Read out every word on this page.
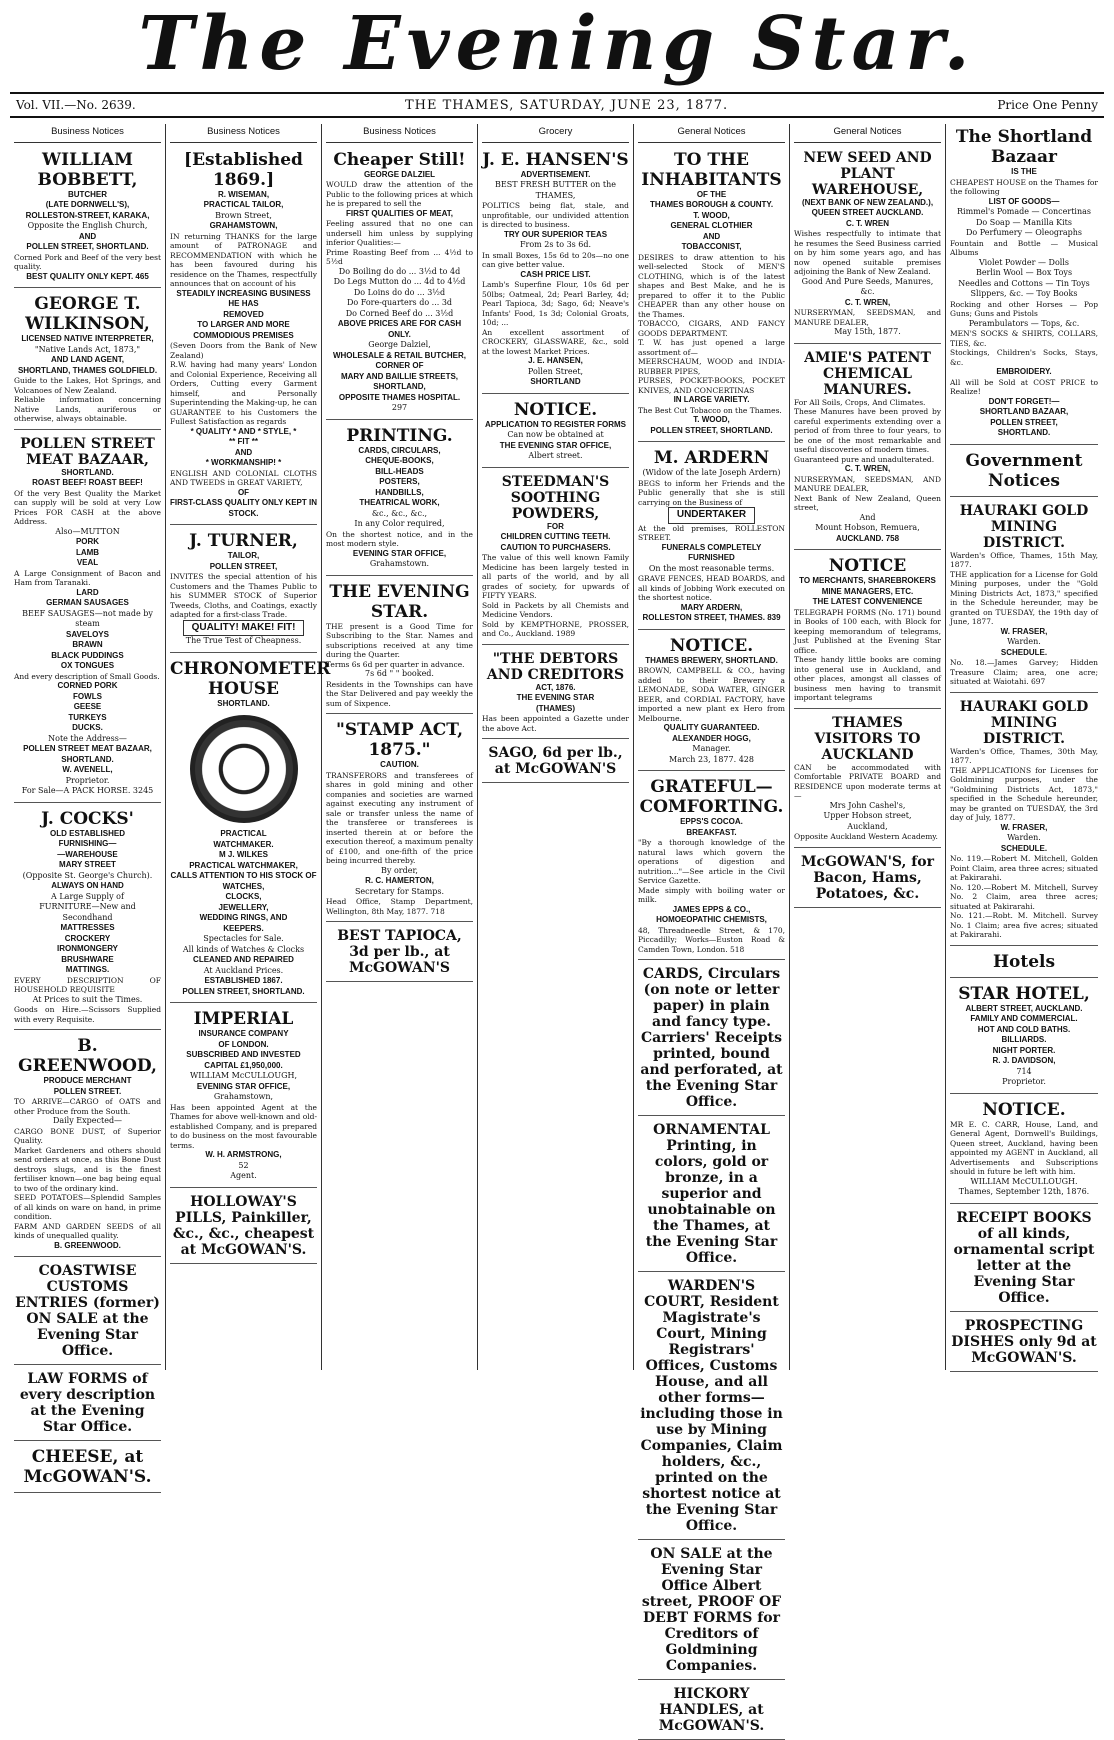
The Evening Star.
Vol. VII.—No. 2639.	THE THAMES, SATURDAY, JUNE 23, 1877.	Price One Penny
Business Notices
WILLIAM BOBBETT,
BUTCHER
(LATE DORNWELL'S),
ROLLESTON-STREET, KARAKA,
Opposite the English Church,
AND
POLLEN STREET, SHORTLAND.
Corned Pork and Beef of the very best quality.
BEST QUALITY ONLY KEPT. 465
GEORGE T. WILKINSON,
LICENSED NATIVE INTERPRETER,
"Native Lands Act, 1873,"
AND LAND AGENT,
SHORTLAND, THAMES GOLDFIELD.
Guide to the Lakes, Hot Springs, and Volcanoes of New Zealand.
Reliable information concerning Native Lands, auriferous or otherwise, always obtainable.
POLLEN STREET MEAT BAZAAR,
SHORTLAND.
ROAST BEEF! ROAST BEEF!
Of the very Best Quality the Market can supply will be sold at very Low Prices FOR CASH at the above Address.
Also—MUTTON
PORK
LAMB
VEAL
A Large Consignment of Bacon and Ham from Taranaki.
LARD
GERMAN SAUSAGES
BEEF SAUSAGES—not made by steam
SAVELOYS
BRAWN
BLACK PUDDINGS
OX TONGUES
And every description of Small Goods.
CORNED PORK
FOWLS
GEESE
TURKEYS
DUCKS.
Note the Address—
POLLEN STREET MEAT BAZAAR,
SHORTLAND.
W. AVENELL,
Proprietor.
For Sale—A PACK HORSE. 3245
J. COCKS'
OLD ESTABLISHED
FURNISHING—
—WAREHOUSE
MARY STREET
(Opposite St. George's Church).
ALWAYS ON HAND
A Large Supply of
FURNITURE—New and Secondhand
MATTRESSES
CROCKERY
IRONMONGERY
BRUSHWARE
MATTINGS.
EVERY DESCRIPTION OF HOUSEHOLD REQUISITE
At Prices to suit the Times.
Goods on Hire.—Scissors Supplied with every Requisite.
B. GREENWOOD,
PRODUCE MERCHANT
POLLEN STREET.
TO ARRIVE—CARGO of OATS and other Produce from the South.
Daily Expected—
CARGO BONE DUST, of Superior Quality.
Market Gardeners and others should send orders at once, as this Bone Dust destroys slugs, and is the finest fertiliser known—one bag being equal to two of the ordinary kind.
SEED POTATOES—Splendid Samples of all kinds on ware on hand, in prime condition.
FARM AND GARDEN SEEDS of all kinds of unequalled quality.
B. GREENWOOD.
COASTWISE CUSTOMS ENTRIES (former) ON SALE at the Evening Star Office.
LAW FORMS of every description at the Evening Star Office.
CHEESE, at McGOWAN'S.
Business Notices
[Established 1869.]
R. WISEMAN,
PRACTICAL TAILOR,
Brown Street,
GRAHAMSTOWN,
IN returning THANKS for the large amount of PATRONAGE and RECOMMENDATION with which he has been favoured during his residence on the Thames, respectfully announces that on account of his
STEADILY INCREASING BUSINESS
HE HAS
REMOVED
TO LARGER AND MORE COMMODIOUS PREMISES
(Seven Doors from the Bank of New Zealand)
R.W. having had many years' London and Colonial Experience, Receiving all Orders, Cutting every Garment himself, and Personally Superintending the Making-up, he can GUARANTEE to his Customers the Fullest Satisfaction as regards
* QUALITY * AND * STYLE, *
** FIT **
AND
* WORKMANSHIP! *
ENGLISH AND COLONIAL CLOTHS AND TWEEDS in GREAT VARIETY,
OF
FIRST-CLASS QUALITY ONLY KEPT IN STOCK.
J. TURNER,
TAILOR,
POLLEN STREET,
INVITES the special attention of his Customers and the Thames Public to his SUMMER STOCK of Superior Tweeds, Cloths, and Coatings, exactly adapted for a first-class Trade.
QUALITY! MAKE! FIT!
The True Test of Cheapness.
CHRONOMETER HOUSE
SHORTLAND.
PRACTICAL
WATCHMAKER.
M J. WILKES
PRACTICAL WATCHMAKER,
CALLS ATTENTION TO HIS STOCK OF
WATCHES,
CLOCKS,
JEWELLERY,
WEDDING RINGS, AND
KEEPERS.
Spectacles for Sale.
All kinds of Watches & Clocks
CLEANED AND REPAIRED
At Auckland Prices.
ESTABLISHED 1867.
POLLEN STREET, SHORTLAND.
IMPERIAL
INSURANCE COMPANY
OF LONDON.
SUBSCRIBED AND INVESTED
CAPITAL £1,950,000.
WILLIAM McCULLOUGH,
EVENING STAR OFFICE,
Grahamstown,
Has been appointed Agent at the Thames for above well-known and old-established Company, and is prepared to do business on the most favourable terms.
W. H. ARMSTRONG,
52
Agent.
HOLLOWAY'S PILLS, Painkiller, &c., &c., cheapest at McGOWAN'S.
Business Notices
Cheaper Still!
GEORGE DALZIEL
WOULD draw the attention of the Public to the following prices at which he is prepared to sell the
FIRST QUALITIES OF MEAT,
Feeling assured that no one can undersell him unless by supplying inferior Qualities:—
Prime Roasting Beef from ... 4½d to 5½d
Do Boiling do do ... 3½d to 4d
Do Legs Mutton do ... 4d to 4½d
Do Loins do do ... 3½d
Do Fore-quarters do ... 3d
Do Corned Beef do ... 3½d
ABOVE PRICES ARE FOR CASH ONLY.
George Dalziel,
WHOLESALE & RETAIL BUTCHER,
CORNER OF
MARY AND BAILLIE STREETS,
SHORTLAND,
OPPOSITE THAMES HOSPITAL.
297
PRINTING.
CARDS, CIRCULARS,
CHEQUE-BOOKS,
BILL-HEADS
POSTERS,
HANDBILLS,
THEATRICAL WORK,
&c., &c., &c.,
In any Color required,
On the shortest notice, and in the most modern style.
EVENING STAR OFFICE,
Grahamstown.
THE EVENING STAR.
THE present is a Good Time for Subscribing to the Star. Names and subscriptions received at any time during the Quarter.
Terms 6s 6d per quarter in advance.
7s 6d " " booked.
Residents in the Townships can have the Star Delivered and pay weekly the sum of Sixpence.
"STAMP ACT, 1875."
CAUTION.
TRANSFERORS and transferees of shares in gold mining and other companies and societies are warned against executing any instrument of sale or transfer unless the name of the transferee or transferees is inserted therein at or before the execution thereof, a maximum penalty of £100, and one-fifth of the price being incurred thereby.
By order,
R. C. HAMERTON,
Secretary for Stamps.
Head Office, Stamp Department, Wellington, 8th May, 1877. 718
BEST TAPIOCA, 3d per lb., at McGOWAN'S
Grocery
J. E. HANSEN'S
ADVERTISEMENT.
BEST FRESH BUTTER on the THAMES,
POLITICS being flat, stale, and unprofitable, our undivided attention is directed to business.
TRY OUR SUPERIOR TEAS
From 2s to 3s 6d.
In small Boxes, 15s 6d to 20s—no one can give better value.
CASH PRICE LIST.
Lamb's Superfine Flour, 10s 6d per 50lbs; Oatmeal, 2d; Pearl Barley, 4d; Pearl Tapioca, 3d; Sago, 6d; Neave's Infants' Food, 1s 3d; Colonial Groats, 10d; ...
An excellent assortment of CROCKERY, GLASSWARE, &c., sold at the lowest Market Prices.
J. E. HANSEN,
Pollen Street,
SHORTLAND
NOTICE.
APPLICATION TO REGISTER FORMS
Can now be obtained at
THE EVENING STAR OFFICE,
Albert street.
STEEDMAN'S SOOTHING POWDERS,
FOR
CHILDREN CUTTING TEETH.
CAUTION TO PURCHASERS.
The value of this well known Family Medicine has been largely tested in all parts of the world, and by all grades of society, for upwards of FIFTY YEARS.
Sold in Packets by all Chemists and Medicine Vendors.
Sold by KEMPTHORNE, PROSSER, and Co., Auckland. 1989
"THE DEBTORS AND CREDITORS
ACT, 1876.
THE EVENING STAR
(THAMES)
Has been appointed a Gazette under the above Act.
SAGO, 6d per lb., at McGOWAN'S
General Notices
TO THE INHABITANTS
OF THE
THAMES BOROUGH & COUNTY.
T. WOOD,
GENERAL CLOTHIER
AND
TOBACCONIST,
DESIRES to draw attention to his well-selected Stock of MEN'S CLOTHING, which is of the latest shapes and Best Make, and he is prepared to offer it to the Public CHEAPER than any other house on the Thames.
TOBACCO, CIGARS, AND FANCY GOODS DEPARTMENT.
T. W. has just opened a large assortment of—
MEERSCHAUM, WOOD and INDIA-RUBBER PIPES,
PURSES, POCKET-BOOKS, POCKET KNIVES, AND CONCERTINAS
IN LARGE VARIETY.
The Best Cut Tobacco on the Thames.
T. WOOD,
POLLEN STREET, SHORTLAND.
M. ARDERN
(Widow of the late Joseph Ardern)
BEGS to inform her Friends and the Public generally that she is still carrying on the Business of
UNDERTAKER
At the old premises, ROLLESTON STREET.
FUNERALS COMPLETELY FURNISHED
On the most reasonable terms.
GRAVE FENCES, HEAD BOARDS, and all kinds of Jobbing Work executed on the shortest notice.
MARY ARDERN,
ROLLESTON STREET, THAMES. 839
NOTICE.
THAMES BREWERY, SHORTLAND.
BROWN, CAMPBELL & CO., having added to their Brewery a LEMONADE, SODA WATER, GINGER BEER, and CORDIAL FACTORY, have imported a new plant ex Hero from Melbourne.
QUALITY GUARANTEED.
ALEXANDER HOGG,
Manager.
March 23, 1877. 428
GRATEFUL—COMFORTING.
EPPS'S COCOA.
BREAKFAST.
"By a thorough knowledge of the natural laws which govern the operations of digestion and nutrition..."—See article in the Civil Service Gazette.
Made simply with boiling water or milk.
JAMES EPPS & CO.,
HOMOEOPATHIC CHEMISTS,
48, Threadneedle Street, & 170, Piccadilly; Works—Euston Road & Camden Town, London. 518
CARDS, Circulars (on note or letter paper) in plain and fancy type. Carriers' Receipts printed, bound and perforated, at the Evening Star Office.
ORNAMENTAL Printing, in colors, gold or bronze, in a superior and unobtainable on the Thames, at the Evening Star Office.
WARDEN'S COURT, Resident Magistrate's Court, Mining Registrars' Offices, Customs House, and all other forms—including those in use by Mining Companies, Claim holders, &c., printed on the shortest notice at the Evening Star Office.
ON SALE at the Evening Star Office Albert street, PROOF OF DEBT FORMS for Creditors of Goldmining Companies.
HICKORY HANDLES, at McGOWAN'S.
General Notices
NEW SEED AND PLANT WAREHOUSE,
(NEXT BANK OF NEW ZEALAND.),
QUEEN STREET AUCKLAND.
C. T. WREN
Wishes respectfully to intimate that he resumes the Seed Business carried on by him some years ago, and has now opened suitable premises adjoining the Bank of New Zealand.
Good And Pure Seeds, Manures, &c.
C. T. WREN,
NURSERYMAN, SEEDSMAN, and MANURE DEALER,
May 15th, 1877.
AMIE'S PATENT CHEMICAL MANURES.
For All Soils, Crops, And Climates.
These Manures have been proved by careful experiments extending over a period of from three to four years, to be one of the most remarkable and useful discoveries of modern times.
Guaranteed pure and unadulterated.
C. T. WREN,
NURSERYMAN, SEEDSMAN, AND MANURE DEALER,
Next Bank of New Zealand, Queen street,
And
Mount Hobson, Remuera,
AUCKLAND. 758
NOTICE
TO MERCHANTS, SHAREBROKERS
MINE MANAGERS, ETC.
THE LATEST CONVENIENCE
TELEGRAPH FORMS (No. 171) bound in Books of 100 each, with Block for keeping memorandum of telegrams, Just Published at the Evening Star office.
These handy little books are coming into general use in Auckland, and other places, amongst all classes of business men having to transmit important telegrams
THAMES VISITORS TO AUCKLAND
CAN be accommodated with Comfortable PRIVATE BOARD and RESIDENCE upon moderate terms at—
Mrs John Cashel's,
Upper Hobson street,
Auckland,
Opposite Auckland Western Academy.
McGOWAN'S, for Bacon, Hams, Potatoes, &c.
The Shortland Bazaar
IS THE
CHEAPEST HOUSE on the Thames for the following
LIST OF GOODS—
Rimmel's Pomade — Concertinas
Do Soap — Manilla Kits
Do Perfumery — Oleographs
Fountain and Bottle — Musical Albums
Violet Powder — Dolls
Berlin Wool — Box Toys
Needles and Cottons — Tin Toys
Slippers, &c. — Toy Books
Rocking and other Horses — Pop Guns; Guns and Pistols
Perambulators — Tops, &c.
MEN'S SOCKS & SHIRTS, COLLARS, TIES, &c.
Stockings, Children's Socks, Stays, &c.
EMBROIDERY.
All will be Sold at COST PRICE to Realize!
DON'T FORGET!—
SHORTLAND BAZAAR,
POLLEN STREET,
SHORTLAND.
Government Notices
HAURAKI GOLD MINING DISTRICT.
Warden's Office, Thames, 15th May, 1877.
THE application for a License for Gold Mining purposes, under the "Gold Mining Districts Act, 1873," specified in the Schedule hereunder, may be granted on TUESDAY, the 19th day of June, 1877.
W. FRASER,
Warden.
SCHEDULE.
No. 18.—James Garvey; Hidden Treasure Claim; area, one acre; situated at Waiotahi. 697
HAURAKI GOLD MINING DISTRICT.
Warden's Office, Thames, 30th May, 1877.
THE APPLICATIONS for Licenses for Goldmining purposes, under the "Goldmining Districts Act, 1873," specified in the Schedule hereunder, may be granted on TUESDAY, the 3rd day of July, 1877.
W. FRASER,
Warden.
SCHEDULE.
No. 119.—Robert M. Mitchell, Golden Point Claim, area three acres; situated at Pakirarahi.
No. 120.—Robert M. Mitchell, Survey No. 2 Claim, area three acres; situated at Pakirarahi.
No. 121.—Robt. M. Mitchell. Survey No. 1 Claim; area five acres; situated at Pakirarahi.
Hotels
STAR HOTEL,
ALBERT STREET, AUCKLAND.
FAMILY AND COMMERCIAL.
HOT AND COLD BATHS.
BILLIARDS.
NIGHT PORTER.
R. J. DAVIDSON,
714
Proprietor.
NOTICE.
MR E. C. CARR, House, Land, and General Agent, Dornwell's Buildings, Queen street, Auckland, having been appointed my AGENT in Auckland, all Advertisements and Subscriptions should in future be left with him.
WILLIAM McCULLOUGH.
Thames, September 12th, 1876.
RECEIPT BOOKS of all kinds, ornamental script letter at the Evening Star Office.
PROSPECTING DISHES only 9d at McGOWAN'S.
